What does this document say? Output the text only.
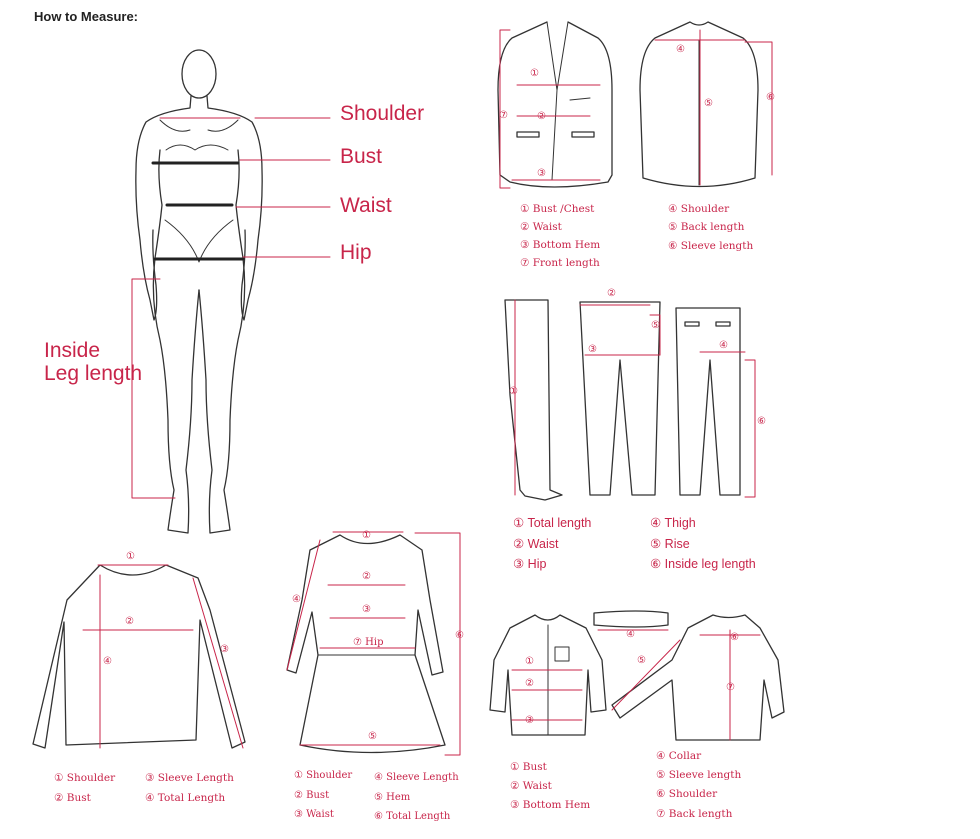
How to Measure:
Shoulder
Bust
Waist
Hip
Inside
Leg length
① Bust /Chest
② Waist
③ Bottom Hem
⑦ Front length
④ Shoulder
⑤ Back length
⑥ Sleeve length
① Total length
② Waist
③ Hip
④ Thigh
⑤ Rise
⑥ Inside leg length
① Bust
② Waist
③ Bottom Hem
④ Collar
⑤ Sleeve length
⑥ Shoulder
⑦ Back length
① Shoulder
② Bust
③ Sleeve Length
④ Total Length
① Shoulder
② Bust
③ Waist
④ Sleeve Length
⑤ Hem
⑥ Total Length
①
②
③
⑦
④
⑤
⑥
①
②
③	④
⑤
⑥
①
②
③
④
①
②
③
④
⑤
⑥
⑦ Hip
①
②
③
④
⑤
⑥
⑦
